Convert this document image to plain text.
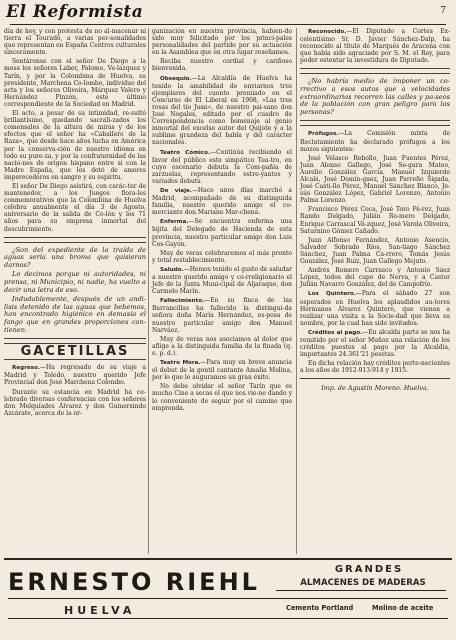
El Reformista	7

día de hoy, y con protesta de no al-macenar ni tierra el Touradó, a varias per-sonalidades que representan en España Centros culturales sinceramente.

Sentáronse con el señor De Diego a la mesa los señores Laber, Palomo, Ve-lazquez y Tarín, y por la Colombina de Huelva, su presidente, Marchena Co-lombo, individuo del acta y los señores Oliveira, Márquez Valero y Hernández Pinzón, este último correspondiente de la Sociedad en Madrid.

El acto, a pesar de su intimidad, re-sultó brillantísimo, quedando sacrali-zados los comensales de la altura de miras y de los efectos que el señor ha «Caballero de la Raza», que desde hace años lucha en América por la conserva-ción de nuestro idioma en todo su pure-za, y por la confraternidad de las nacio-nes de origen hispano entre si con la Madre España, que los dotó de amores imperecederos en sangre y su espíritu.

El señor De Diego asistirá, con carác-ter de mantenedor, a los Juegos flora-les conmemorativos que la Colombina de Huelva celebra anualmente el día 3 de Agosto, aniversario de la salida de Co-lón y los 71 años para su empresa inmortal del descubrimiento.

¿Son del expediente de la traída de aguas sería una broma que quisieran darnos?

Lo decimos porque ni autoridades, ni prensa, ni Municipio, ni nadie, ha vuelto a decir una letra de eso.

Indudablemente, después de un andi-lisis detenido de las aguas que bebemos, han encontrado higiénico en demasía el fango que en grandes proporciones con-tienen.

GACETILLAS

Regreso.—Ha regresado de su viaje a Madrid y Toledo, nuestro querido Jefe Provincial don José Marchena Colombo.

Durante su estancia en Madrid ha ce-lebrado diversas conferencias con los señores don Melquíades Álvarez y don Gumersindo Azcárate, acerca de la or-

ganización en nuestra provincia, habien-do sido muy felicitado por los princi-pales personalidades del partido por su actuación en la Asamblea que en otra lugar reseñamos.

Reciba nuestro cordial y cariñoso bienvenida.

Obsequio.—La Alcaldía de Huelva ha tenido la amabilidad de enviarnos tres ejemplares del cuento premiado en el Concurso de El Liberal en 1908, «Las tres rosas del tío Juan», de nuestro pai-sano don José Nogales, editado por el cuadro de Correspondencia como homenaje al genio inmortal del excelso autor del Quijote y a la sublime grandeza del habla y del carácter nacionales.

Teatro Cómico.—Continúa recibiendo el favor del público este simpático Tea-tro, en cuyo escenario debuta la Com-pañía de zarzuelas, representando estre-yantes y variados debuts.

De viaje.—Hace unos días marchó a Madrid, acompañado de su distinguida familia, nuestro querido amigo el co-merciante don Mariano Mar-chena.

Enferma.—Se encuentra enferma una hijita del Delegado de Hacienda de esta provincia, nuestro particular amigo don Luis Cos-Gayón.

Muy de veras celebraremos el más pronto y total restablecimiento.

Saludo.—Hemos tenido el gusto de saludar a nuestro querido amigo y co-rreligionario el Jefe de la Junta Muni-cipal de Aljaraque, don Carmelo Marín.

Fallecimiento.—En su finca de las Barrancillas ha fallecido la distingui-da señora doña María Hernández, es-posa de nuestro particular amigo don Manuel Narváez.

Muy de veras nos asociamos al dolor que aflige a la distinguida familia de la finada (q. e. p. d.).

Teatro Mora.—Para muy en breve anuncia el debut de la gentil cantante Amalia Molina, por lo que le auguramos un gran éxito.

No debe olvidar el señor Tarín que es mucho Cine a secas el que nos vie-ne dando y lo conveniente de seguir por el camino que emprenda.

Reconocido.—El Diputado a Cortes Ex-celentísimo Sr. D. Javier Sánchez-Dalp, ha reconocido al título de Marqués de Aracena con que había sido agraciado por S. M. el Rey, para poder ostentar la investidura de Diputado.

¿No habría medio de imponer un co-rrectivo a esos autos que a velocidades extraordinarias recorren las calles y pa-seos de la población con gran peligro para los personas?

Prófugos.—La Comisión mixta de Reclutamiento ha declarado prófugos a los mozos siguientes:

José Velasco Rebollo, Juan Fuentes Pérez, Juan Alonso Gallego, José Se-gura Mateo, Aurelio González García, Manuel Izquierdo Alcalá, José Domín-guez, Juan Parreño Sigada, José Casti-llo Pérez, Manuel Sánchez Blanco, Je-sús González López, Gabriel Lorenzo, Antonio Palma Lorenzo.

Francisco Pérez Coca, José Toro Pé-rez, Juan Rando Delgado, Julián Ro-mero Delgado, Enrique Carrascal Vá-zquez, José Varela Oliveira, Saturnino Gómez Cañado.

Juan Alfonso Fernández, Antonio Asencio, Salvador Sobrado Ríos, San-tiago Sánchez Sánchez, Juan Palma Ca-rrero, Tomás Jesús González, José Ruiz, Juan Gallego Mejuto.

Andrés Romero Carrasco y Antonio Sáez López, todos del cupo de Nerva, y a Castor Julián Navarro González, del de Campofrío.

Los Quintero.—Para el sábado 27 son esperados en Huelva los aplaudidos au-tores Hermanos Álvarez Quintero, que vienen a realizar una visita a la Socie-dad que lleva su nombre, por la cual han sido invitados.

Créditos al pago.—En alcalda parte se nos ha remitido por el señor Muñoz una relación de los créditos puestos al pago por la Alcaldía, importantes 24.361'21 pesetas.

En dicha relación hay créditos perte-necientes a los años de 1912-913-914 y 1915.

Imp. de Agustín Moreno. Huelva.

ERNESTO RIEHL	GRANDES
ALMACENES DE MADERAS
HUELVA	Cemento Portland	Molino de aceite
